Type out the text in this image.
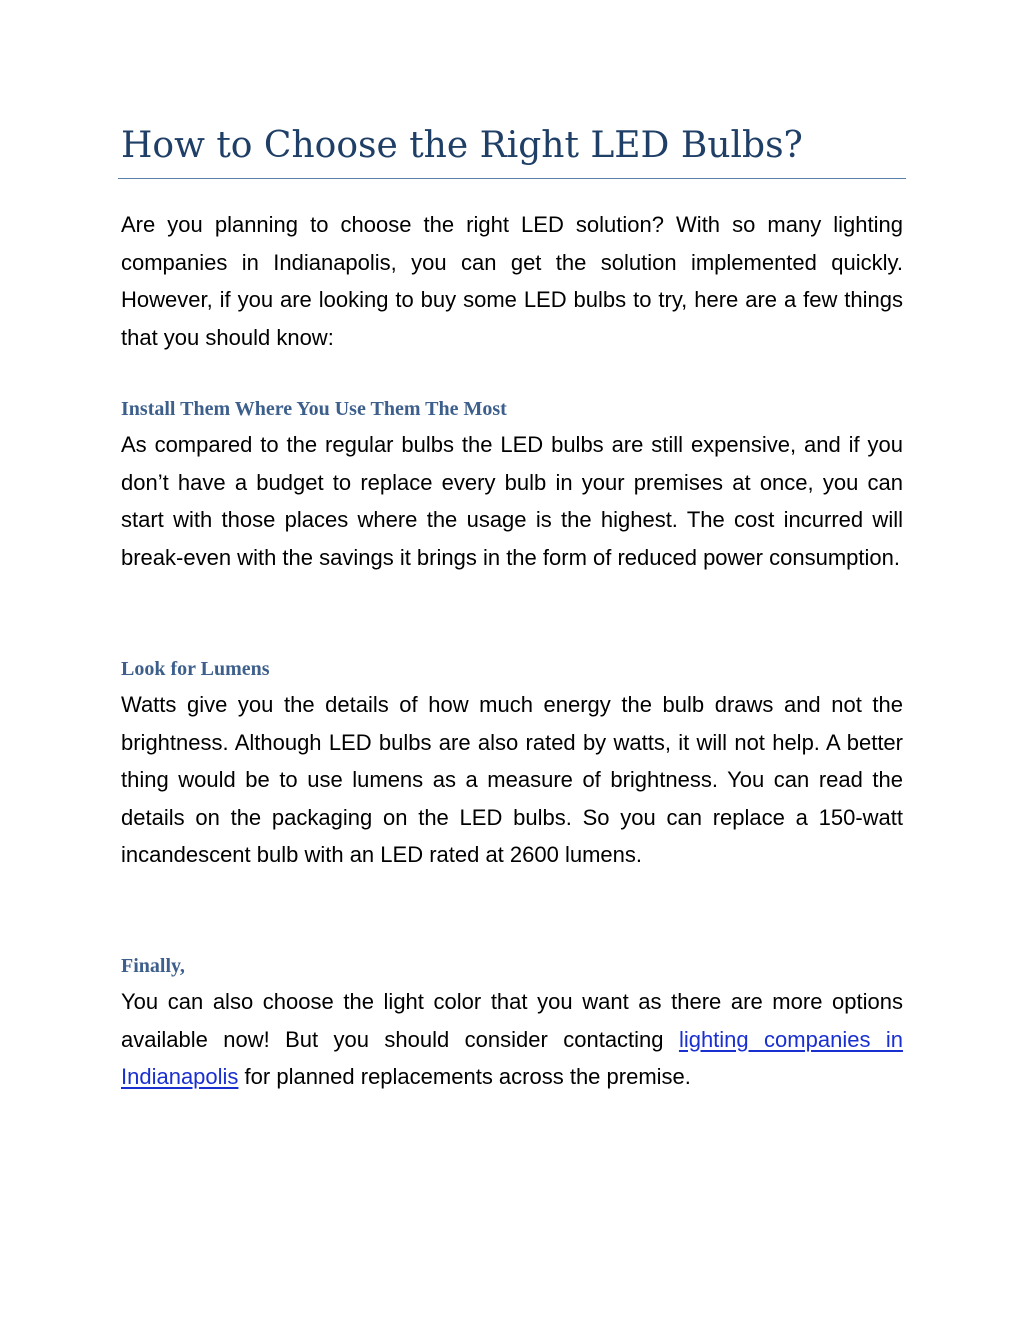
How to Choose the Right LED Bulbs?

Are you planning to choose the right LED solution? With so many lighting companies in Indianapolis, you can get the solution implemented quickly. However, if you are looking to buy some LED bulbs to try, here are a few things that you should know:

Install Them Where You Use Them The Most

As compared to the regular bulbs the LED bulbs are still expensive, and if you don’t have a budget to replace every bulb in your premises at once, you can start with those places where the usage is the highest. The cost incurred will break-even with the savings it brings in the form of reduced power consumption.

Look for Lumens

Watts give you the details of how much energy the bulb draws and not the brightness. Although LED bulbs are also rated by watts, it will not help. A better thing would be to use lumens as a measure of brightness. You can read the details on the packaging on the LED bulbs. So you can replace a 150-watt incandescent bulb with an LED rated at 2600 lumens.

Finally,

You can also choose the light color that you want as there are more options available now! But you should consider contacting lighting companies in Indianapolis for planned replacements across the premise.
